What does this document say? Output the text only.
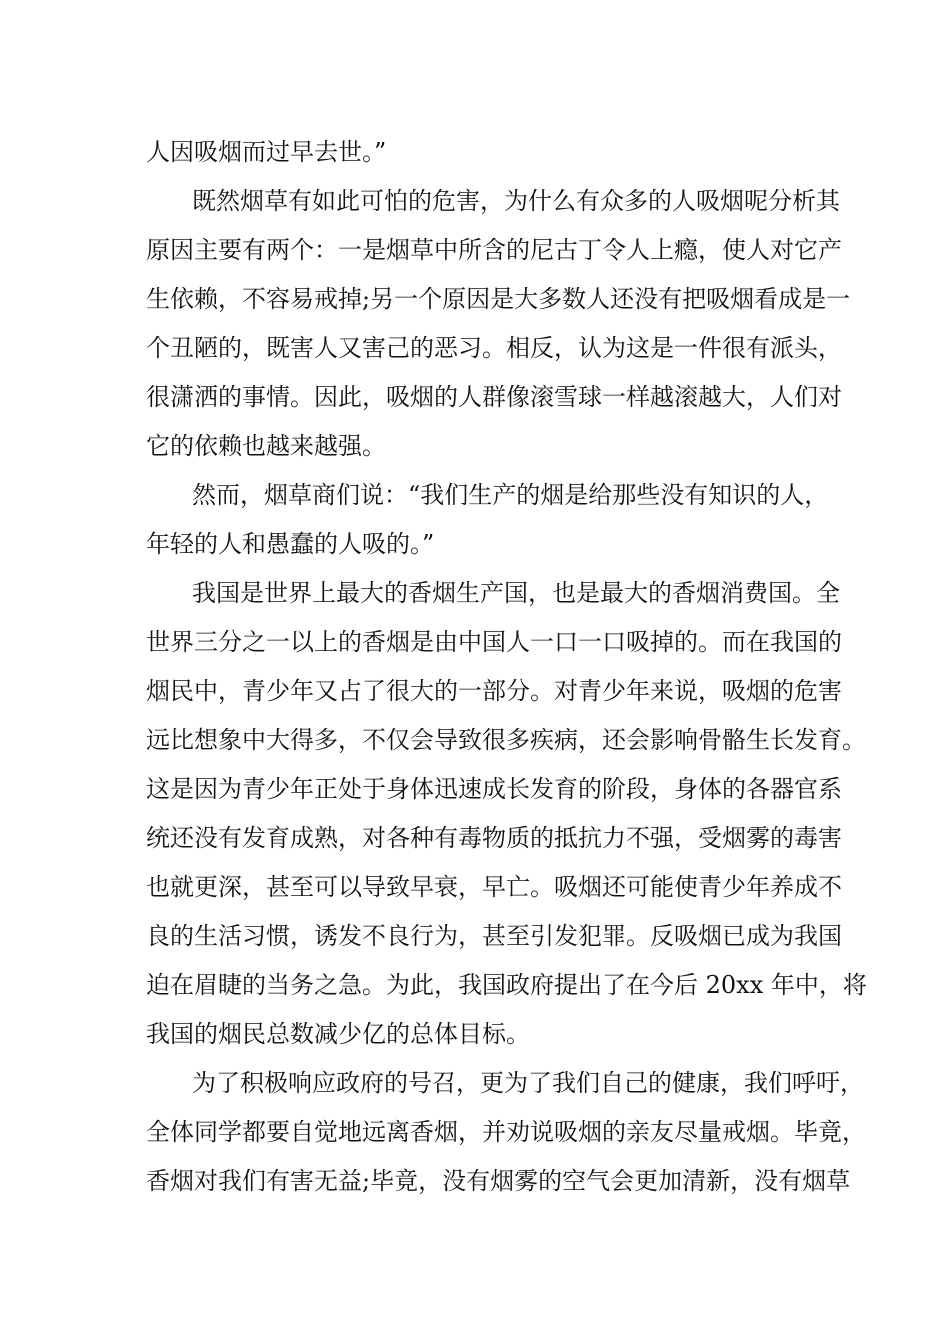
人因吸烟而过早去世。”
既然烟草有如此可怕的危害，为什么有众多的人吸烟呢分析其
原因主要有两个：一是烟草中所含的尼古丁令人上瘾，使人对它产
生依赖，不容易戒掉;另一个原因是大多数人还没有把吸烟看成是一
个丑陋的，既害人又害己的恶习。相反，认为这是一件很有派头，
很潇洒的事情。因此，吸烟的人群像滚雪球一样越滚越大，人们对
它的依赖也越来越强。
然而，烟草商们说：“我们生产的烟是给那些没有知识的人，
年轻的人和愚蠢的人吸的。”
我国是世界上最大的香烟生产国，也是最大的香烟消费国。全
世界三分之一以上的香烟是由中国人一口一口吸掉的。而在我国的
烟民中，青少年又占了很大的一部分。对青少年来说，吸烟的危害
远比想象中大得多，不仅会导致很多疾病，还会影响骨骼生长发育。
这是因为青少年正处于身体迅速成长发育的阶段，身体的各器官系
统还没有发育成熟，对各种有毒物质的抵抗力不强，受烟雾的毒害
也就更深，甚至可以导致早衰，早亡。吸烟还可能使青少年养成不
良的生活习惯，诱发不良行为，甚至引发犯罪。反吸烟已成为我国
迫在眉睫的当务之急。为此，我国政府提出了在今后 20xx 年中，将
我国的烟民总数减少亿的总体目标。
为了积极响应政府的号召，更为了我们自己的健康，我们呼吁，
全体同学都要自觉地远离香烟，并劝说吸烟的亲友尽量戒烟。毕竟，
香烟对我们有害无益;毕竟，没有烟雾的空气会更加清新，没有烟草
